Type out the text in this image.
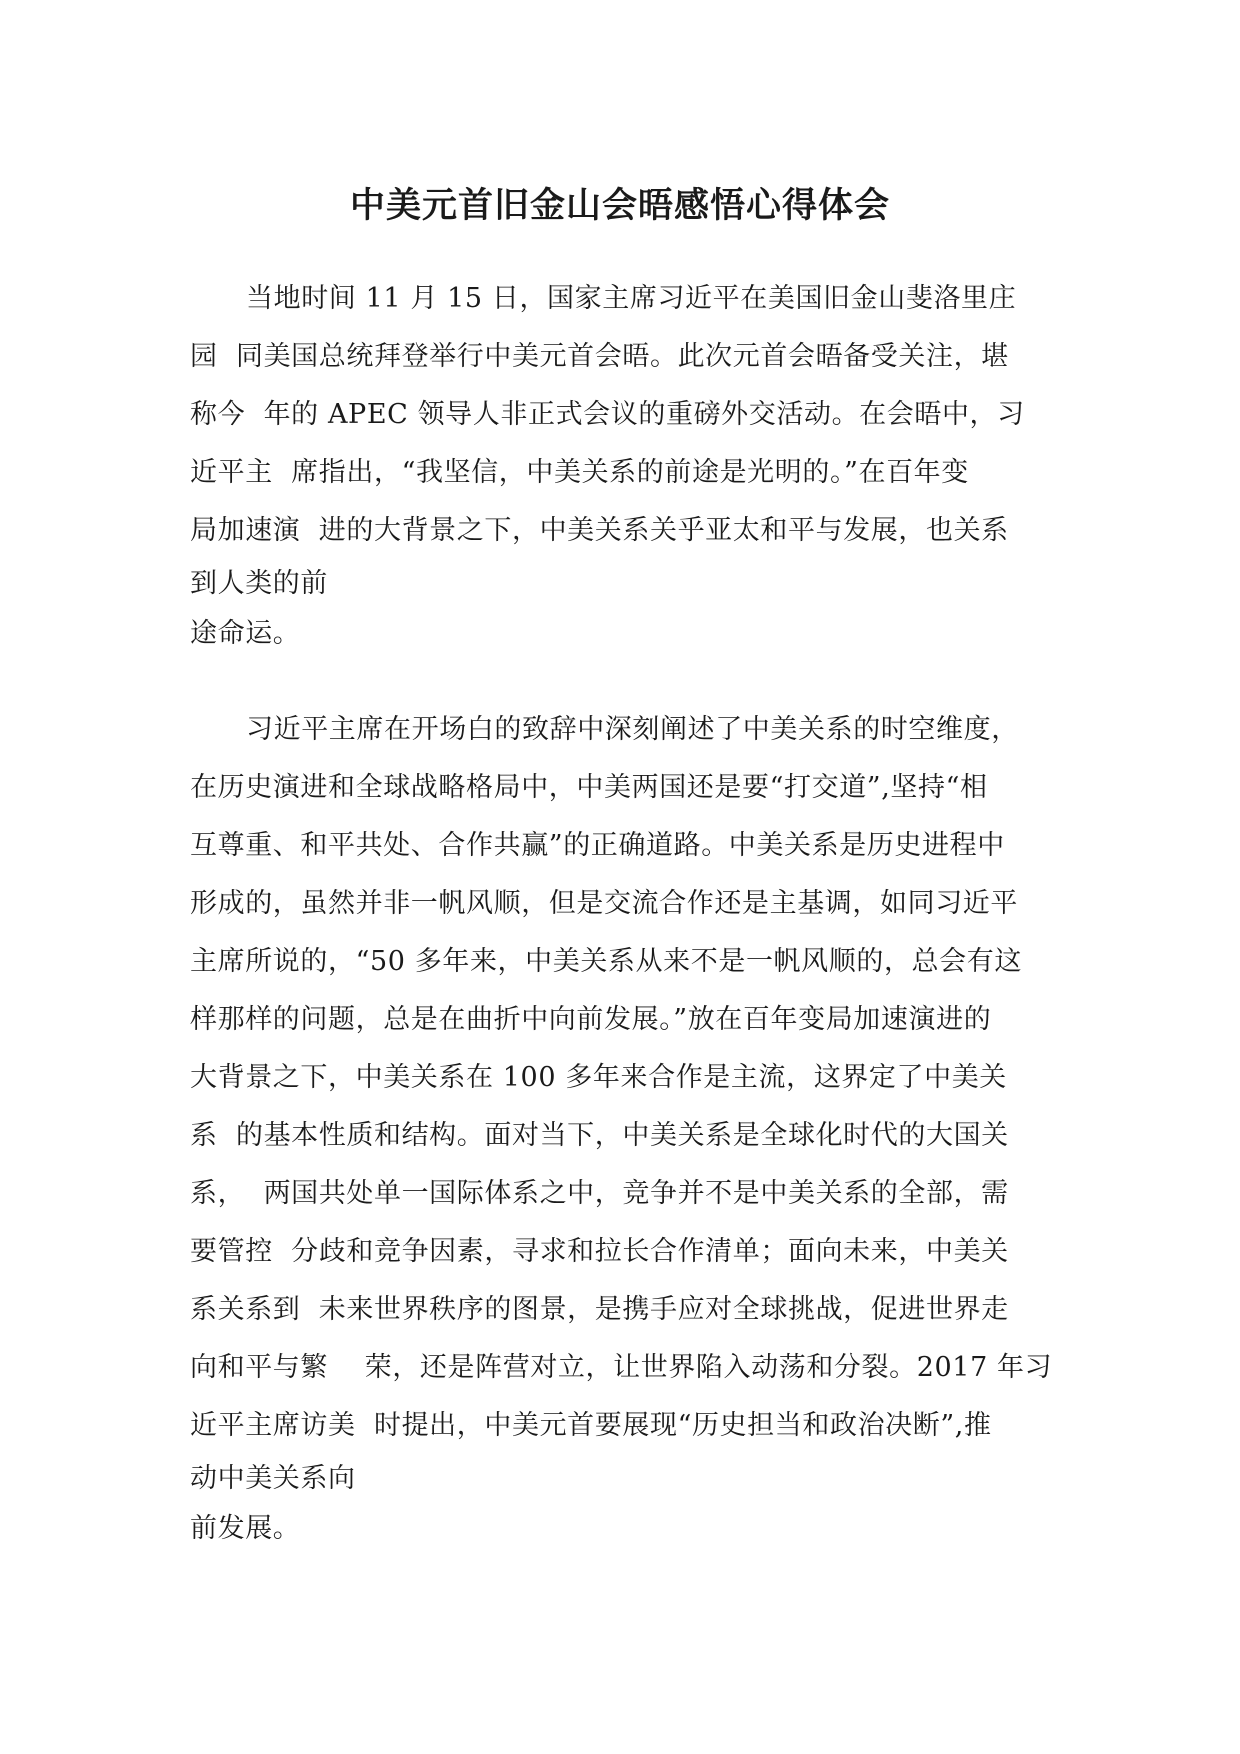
中美元首旧金山会晤感悟心得体会
当地时间 11 月 15 日，国家主席习近平在美国旧金山斐洛里庄
园  同美国总统拜登举行中美元首会晤。此次元首会晤备受关注，堪
称今  年的 APEC 领导人非正式会议的重磅外交活动。在会晤中，习
近平主  席指出，“我坚信，中美关系的前途是光明的。”在百年变
局加速演  进的大背景之下，中美关系关乎亚太和平与发展，也关系
到人类的前
途命运。
习近平主席在开场白的致辞中深刻阐述了中美关系的时空维度，
在历史演进和全球战略格局中，中美两国还是要“打交道”,坚持“相
互尊重、和平共处、合作共赢”的正确道路。中美关系是历史进程中
形成的，虽然并非一帆风顺，但是交流合作还是主基调，如同习近平
主席所说的，“50 多年来，中美关系从来不是一帆风顺的，总会有这
样那样的问题，总是在曲折中向前发展。”放在百年变局加速演进的
大背景之下，中美关系在 100 多年来合作是主流，这界定了中美关
系  的基本性质和结构。面对当下，中美关系是全球化时代的大国关
系，  两国共处单一国际体系之中，竞争并不是中美关系的全部，需
要管控  分歧和竞争因素，寻求和拉长合作清单；面向未来，中美关
系关系到  未来世界秩序的图景，是携手应对全球挑战，促进世界走
向和平与繁    荣，还是阵营对立，让世界陷入动荡和分裂。2017 年习
近平主席访美  时提出，中美元首要展现“历史担当和政治决断”,推
动中美关系向
前发展。
